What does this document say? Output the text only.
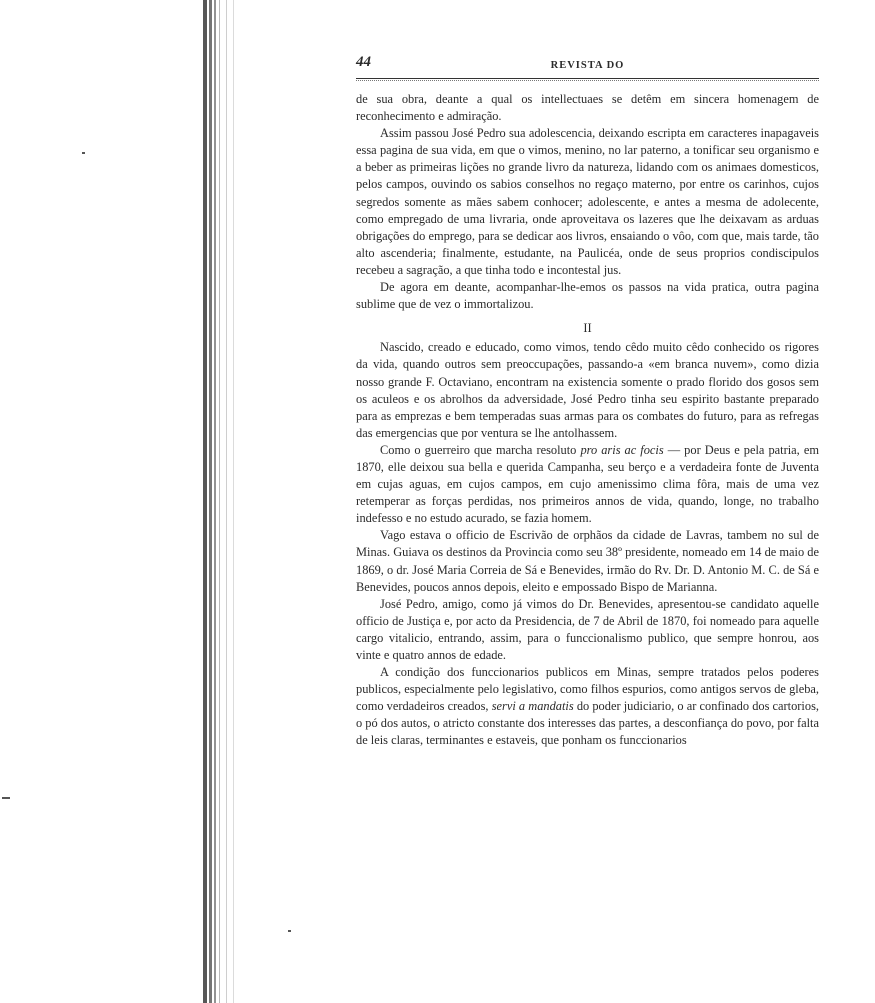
44	REVISTA DO

de sua obra, deante a qual os intellectuaes se detêm em sincera homenagem de reconhecimento e admiração.

Assim passou José Pedro sua adolescencia, deixando escripta em caracteres inapagaveis essa pagina de sua vida, em que o vimos, menino, no lar paterno, a tonificar seu organismo e a beber as primeiras lições no grande livro da natureza, lidando com os animaes domesticos, pelos campos, ouvindo os sabios conselhos no regaço materno, por entre os carinhos, cujos segredos somente as mães sabem conhocer; adolescente, e antes a mesma de adolecente, como empregado de uma livraria, onde aproveitava os lazeres que lhe deixavam as arduas obrigações do emprego, para se dedicar aos livros, ensaiando o vôo, com que, mais tarde, tão alto ascenderia; finalmente, estudante, na Paulicéa, onde de seus proprios condiscipulos recebeu a sagração, a que tinha todo e incontestal jus.

De agora em deante, acompanhar-lhe-emos os passos na vida pratica, outra pagina sublime que de vez o immortalizou.

II

Nascido, creado e educado, como vimos, tendo cêdo muito cêdo conhecido os rigores da vida, quando outros sem preoccupações, passando-a «em branca nuvem», como dizia nosso grande F. Octaviano, encontram na existencia somente o prado florido dos gosos sem os aculeos e os abrolhos da adversidade, José Pedro tinha seu espirito bastante preparado para as emprezas e bem temperadas suas armas para os combates do futuro, para as refregas das emergencias que por ventura se lhe antolhassem.

Como o guerreiro que marcha resoluto pro aris ac focis — por Deus e pela patria, em 1870, elle deixou sua bella e querida Campanha, seu berço e a verdadeira fonte de Juventa em cujas aguas, em cujos campos, em cujo amenissimo clima fôra, mais de uma vez retemperar as forças perdidas, nos primeiros annos de vida, quando, longe, no trabalho indefesso e no estudo acurado, se fazia homem.

Vago estava o officio de Escrivão de orphãos da cidade de Lavras, tambem no sul de Minas. Guiava os destinos da Provincia como seu 38º presidente, nomeado em 14 de maio de 1869, o dr. José Maria Correia de Sá e Benevides, irmão do Rv. Dr. D. Antonio M. C. de Sá e Benevides, poucos annos depois, eleito e empossado Bispo de Marianna.

José Pedro, amigo, como já vimos do Dr. Benevides, apresentou-se candidato aquelle officio de Justiça e, por acto da Presidencia, de 7 de Abril de 1870, foi nomeado para aquelle cargo vitalicio, entrando, assim, para o funccionalismo publico, que sempre honrou, aos vinte e quatro annos de edade.

A condição dos funccionarios publicos em Minas, sempre tratados pelos poderes publicos, especialmente pelo legislativo, como filhos espurios, como antigos servos de gleba, como verdadeiros creados, servi a mandatis do poder judiciario, o ar confinado dos cartorios, o pó dos autos, o atricto constante dos interesses das partes, a desconfiança do povo, por falta de leis claras, terminantes e estaveis, que ponham os funccionarios
